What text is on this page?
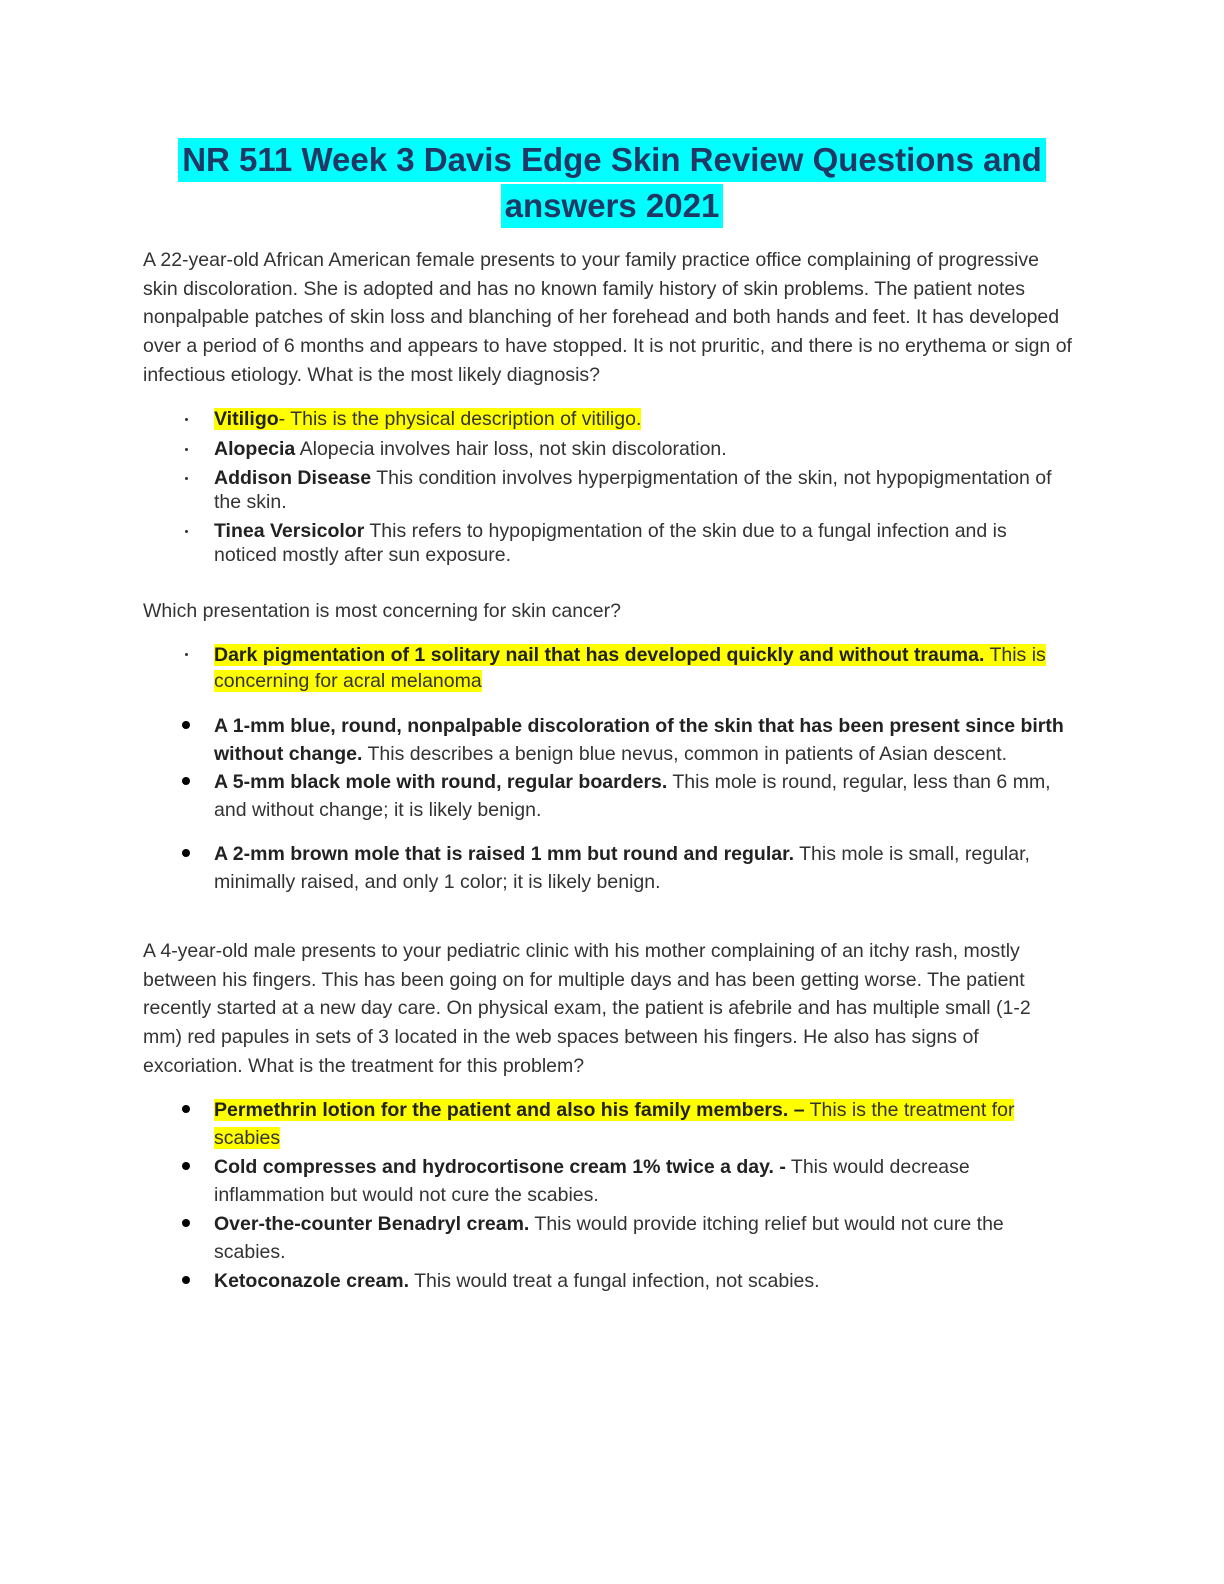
NR 511 Week 3 Davis Edge Skin Review Questions and
answers 2021
A 22-year-old African American female presents to your family practice office complaining of progressive skin discoloration. She is adopted and has no known family history of skin problems. The patient notes nonpalpable patches of skin loss and blanching of her forehead and both hands and feet. It has developed over a period of 6 months and appears to have stopped. It is not pruritic, and there is no erythema or sign of infectious etiology. What is the most likely diagnosis?
Vitiligo- This is the physical description of vitiligo.
Alopecia Alopecia involves hair loss, not skin discoloration.
Addison Disease This condition involves hyperpigmentation of the skin, not hypopigmentation of the skin.
Tinea Versicolor This refers to hypopigmentation of the skin due to a fungal infection and is noticed mostly after sun exposure.
Which presentation is most concerning for skin cancer?
Dark pigmentation of 1 solitary nail that has developed quickly and without trauma. This is concerning for acral melanoma
A 1-mm blue, round, nonpalpable discoloration of the skin that has been present since birth without change. This describes a benign blue nevus, common in patients of Asian descent.
A 5-mm black mole with round, regular boarders. This mole is round, regular, less than 6 mm, and without change; it is likely benign.
A 2-mm brown mole that is raised 1 mm but round and regular. This mole is small, regular, minimally raised, and only 1 color; it is likely benign.
A 4-year-old male presents to your pediatric clinic with his mother complaining of an itchy rash, mostly between his fingers. This has been going on for multiple days and has been getting worse. The patient recently started at a new day care. On physical exam, the patient is afebrile and has multiple small (1-2 mm) red papules in sets of 3 located in the web spaces between his fingers. He also has signs of excoriation. What is the treatment for this problem?
Permethrin lotion for the patient and also his family members. – This is the treatment for scabies
Cold compresses and hydrocortisone cream 1% twice a day. - This would decrease inflammation but would not cure the scabies.
Over-the-counter Benadryl cream. This would provide itching relief but would not cure the scabies.
Ketoconazole cream. This would treat a fungal infection, not scabies.
